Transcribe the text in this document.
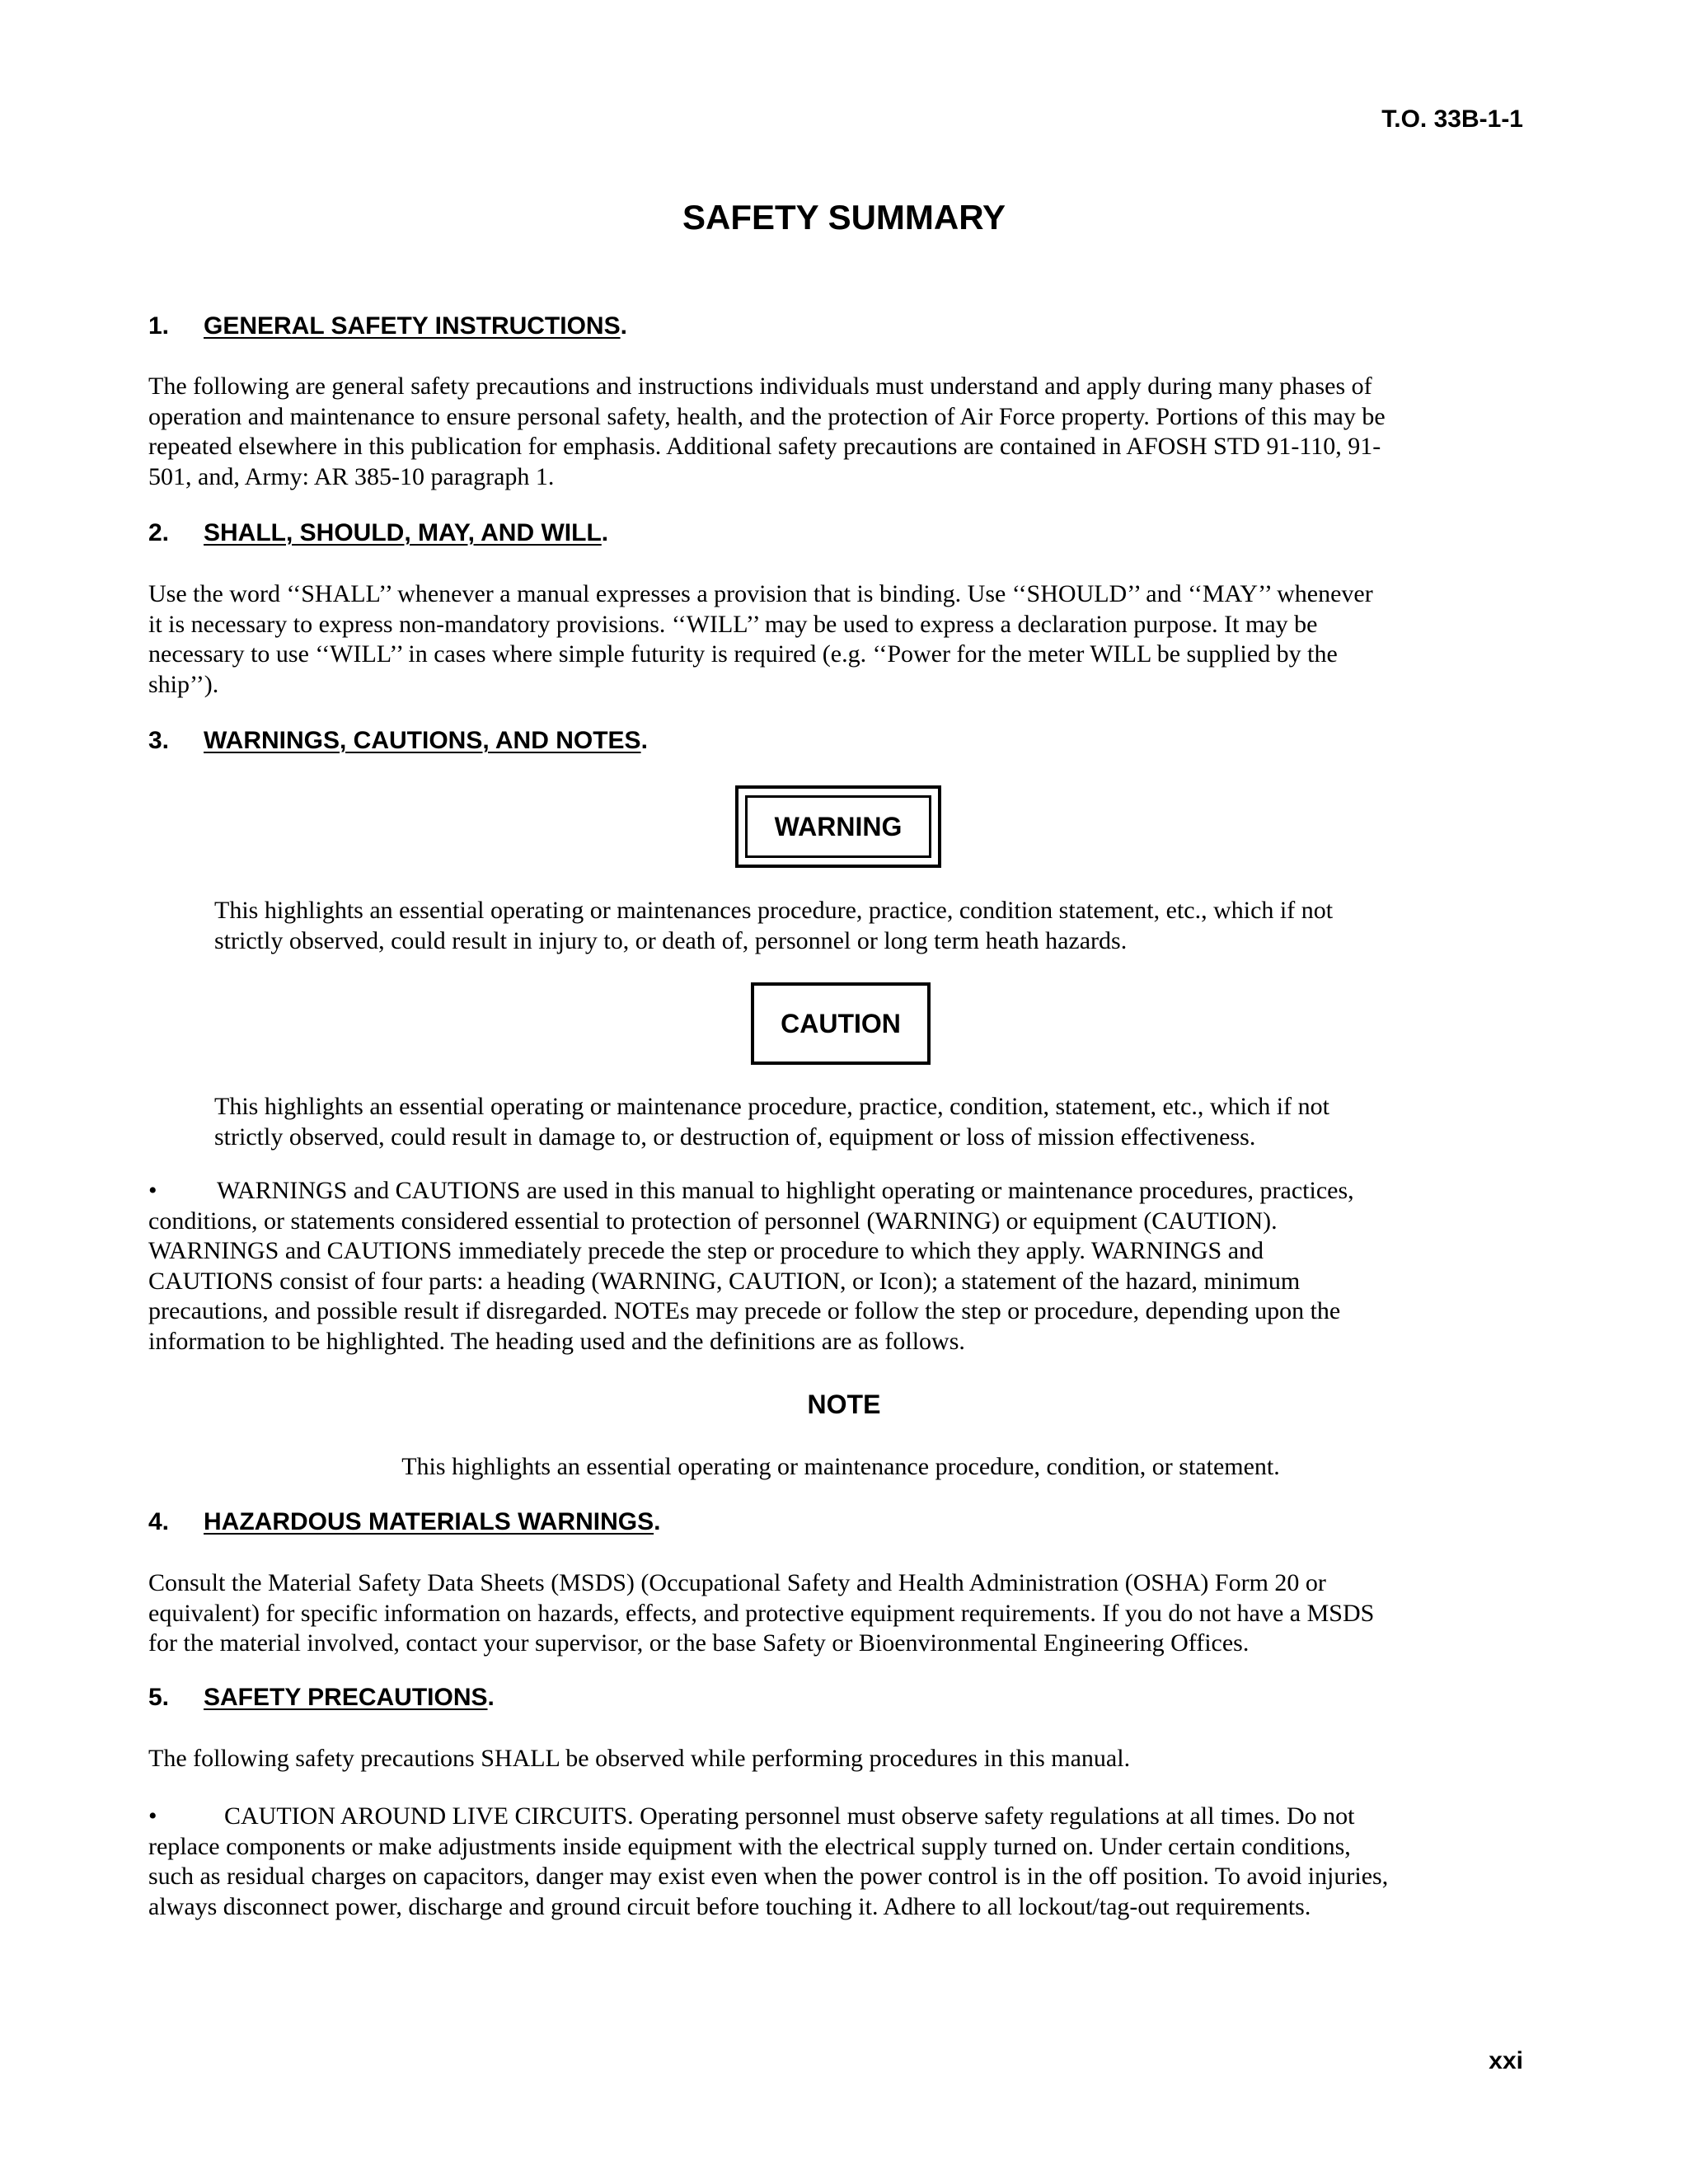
T.O. 33B-1-1
SAFETY SUMMARY
1. GENERAL SAFETY INSTRUCTIONS.
The following are general safety precautions and instructions individuals must understand and apply during many phases of
operation and maintenance to ensure personal safety, health, and the protection of Air Force property. Portions of this may be
repeated elsewhere in this publication for emphasis. Additional safety precautions are contained in AFOSH STD 91-110, 91-
501, and, Army: AR 385-10 paragraph 1.
2. SHALL, SHOULD, MAY, AND WILL.
Use the word ‘‘SHALL’’ whenever a manual expresses a provision that is binding. Use ‘‘SHOULD’’ and ‘‘MAY’’ whenever
it is necessary to express non-mandatory provisions. ‘‘WILL’’ may be used to express a declaration purpose. It may be
necessary to use ‘‘WILL’’ in cases where simple futurity is required (e.g. ‘‘Power for the meter WILL be supplied by the
ship’’).
3. WARNINGS, CAUTIONS, AND NOTES.
This highlights an essential operating or maintenances procedure, practice, condition statement, etc., which if not
strictly observed, could result in injury to, or death of, personnel or long term heath hazards.
This highlights an essential operating or maintenance procedure, practice, condition, statement, etc., which if not
strictly observed, could result in damage to, or destruction of, equipment or loss of mission effectiveness.
• WARNINGS and CAUTIONS are used in this manual to highlight operating or maintenance procedures, practices,
conditions, or statements considered essential to protection of personnel (WARNING) or equipment (CAUTION).
WARNINGS and CAUTIONS immediately precede the step or procedure to which they apply. WARNINGS and
CAUTIONS consist of four parts: a heading (WARNING, CAUTION, or Icon); a statement of the hazard, minimum
precautions, and possible result if disregarded. NOTEs may precede or follow the step or procedure, depending upon the
information to be highlighted. The heading used and the definitions are as follows.
This highlights an essential operating or maintenance procedure, condition, or statement.
4. HAZARDOUS MATERIALS WARNINGS.
Consult the Material Safety Data Sheets (MSDS) (Occupational Safety and Health Administration (OSHA) Form 20 or
equivalent) for specific information on hazards, effects, and protective equipment requirements. If you do not have a MSDS
for the material involved, contact your supervisor, or the base Safety or Bioenvironmental Engineering Offices.
5. SAFETY PRECAUTIONS.
The following safety precautions SHALL be observed while performing procedures in this manual.
•	CAUTION AROUND LIVE CIRCUITS. Operating personnel must observe safety regulations at all times. Do not
replace components or make adjustments inside equipment with the electrical supply turned on. Under certain conditions,
such as residual charges on capacitors, danger may exist even when the power control is in the off position. To avoid injuries,
always disconnect power, discharge and ground circuit before touching it. Adhere to all lockout/tag-out requirements.
WARNING
CAUTION
NOTE
xxi
